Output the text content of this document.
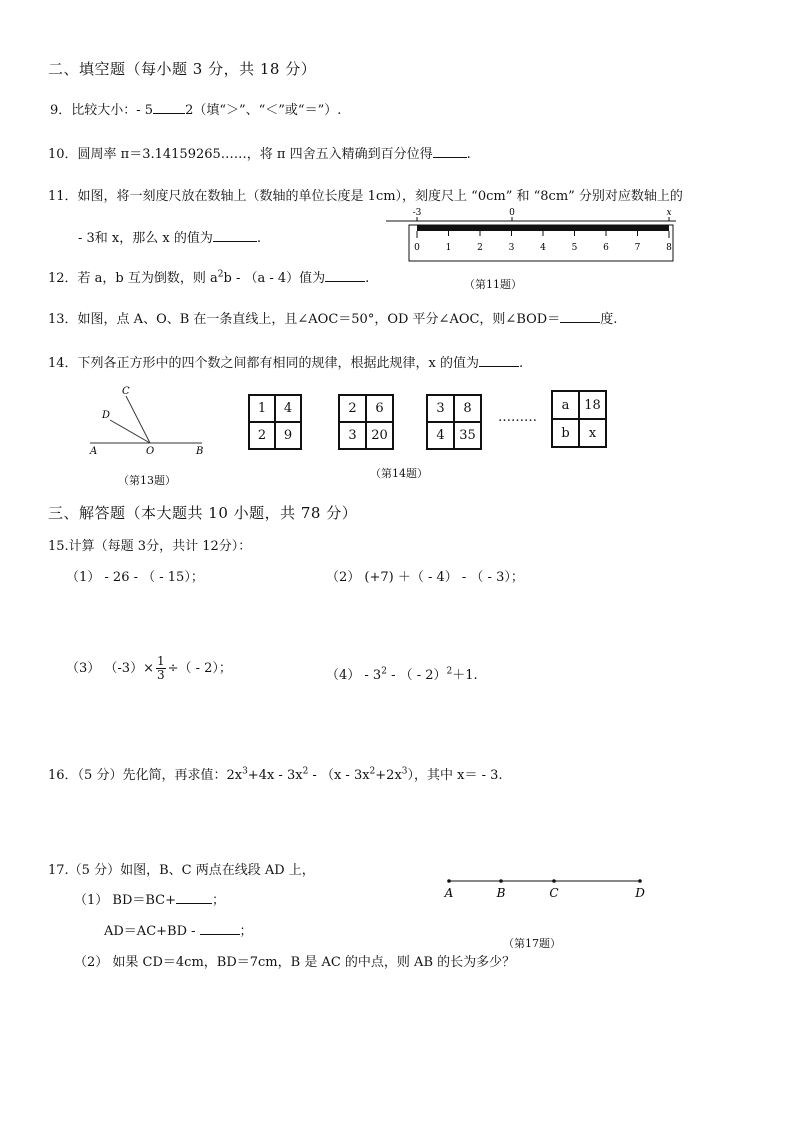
二、填空题（每小题 3 分，共 18 分）
9．比较大小：- 5 2（填“＞”、“＜”或“＝”）.
10．圆周率 π＝3.14159265……，将 π 四舍五入精确到百分位得	.
11．如图，将一刻度尺放在数轴上（数轴的单位长度是 1cm），刻度尺上 “0cm” 和 “8cm” 分别对应数轴上的
- 3和 x，那么 x 的值为	.
-3	0	x
0	1	2	3	4	5	6	7	8
（第11题）
12．若 a，b 互为倒数，则 $a^2b - (a - 4)$值为	.
13．如图，点 A、O、B 在一条直线上，且∠AOC＝50°，OD 平分∠AOC，则∠BOD＝	度.
14．下列各正方形中的四个数之间都有相同的规律，根据此规律，x 的值为	.
C
D
A	O	B
（第13题）
1	4
2	9
2	6
3	20
3	8
4	35
………
a	18
b	x
（第14题）
三、解答题（本大题共 10 小题，共 78 分）
15.计算（每题 3分，共计 12分）：
（1） - 26 - （ - 15）；	（2） (+7) ＋（ - 4） - （ - 3）；
（3） $(-3)\times \frac{1}{3}$ ÷（ - 2）；	$(4) - 3^2$ - （ - 2）$^2$＋1.
16．（5 分）先化简，再求值：$2x^3+4x - 3x^2 - (x - 3x^2+2x^3)$，其中 x＝ - 3.
17.（5 分）如图，B、C 两点在线段 AD 上，
（1） BD＝BC+	；
AD＝AC+BD -	；
（2） 如果 CD＝4cm，BD＝7cm，B 是 AC 的中点，则 AB 的长为多少？
A	B	C	D
（第17题）
